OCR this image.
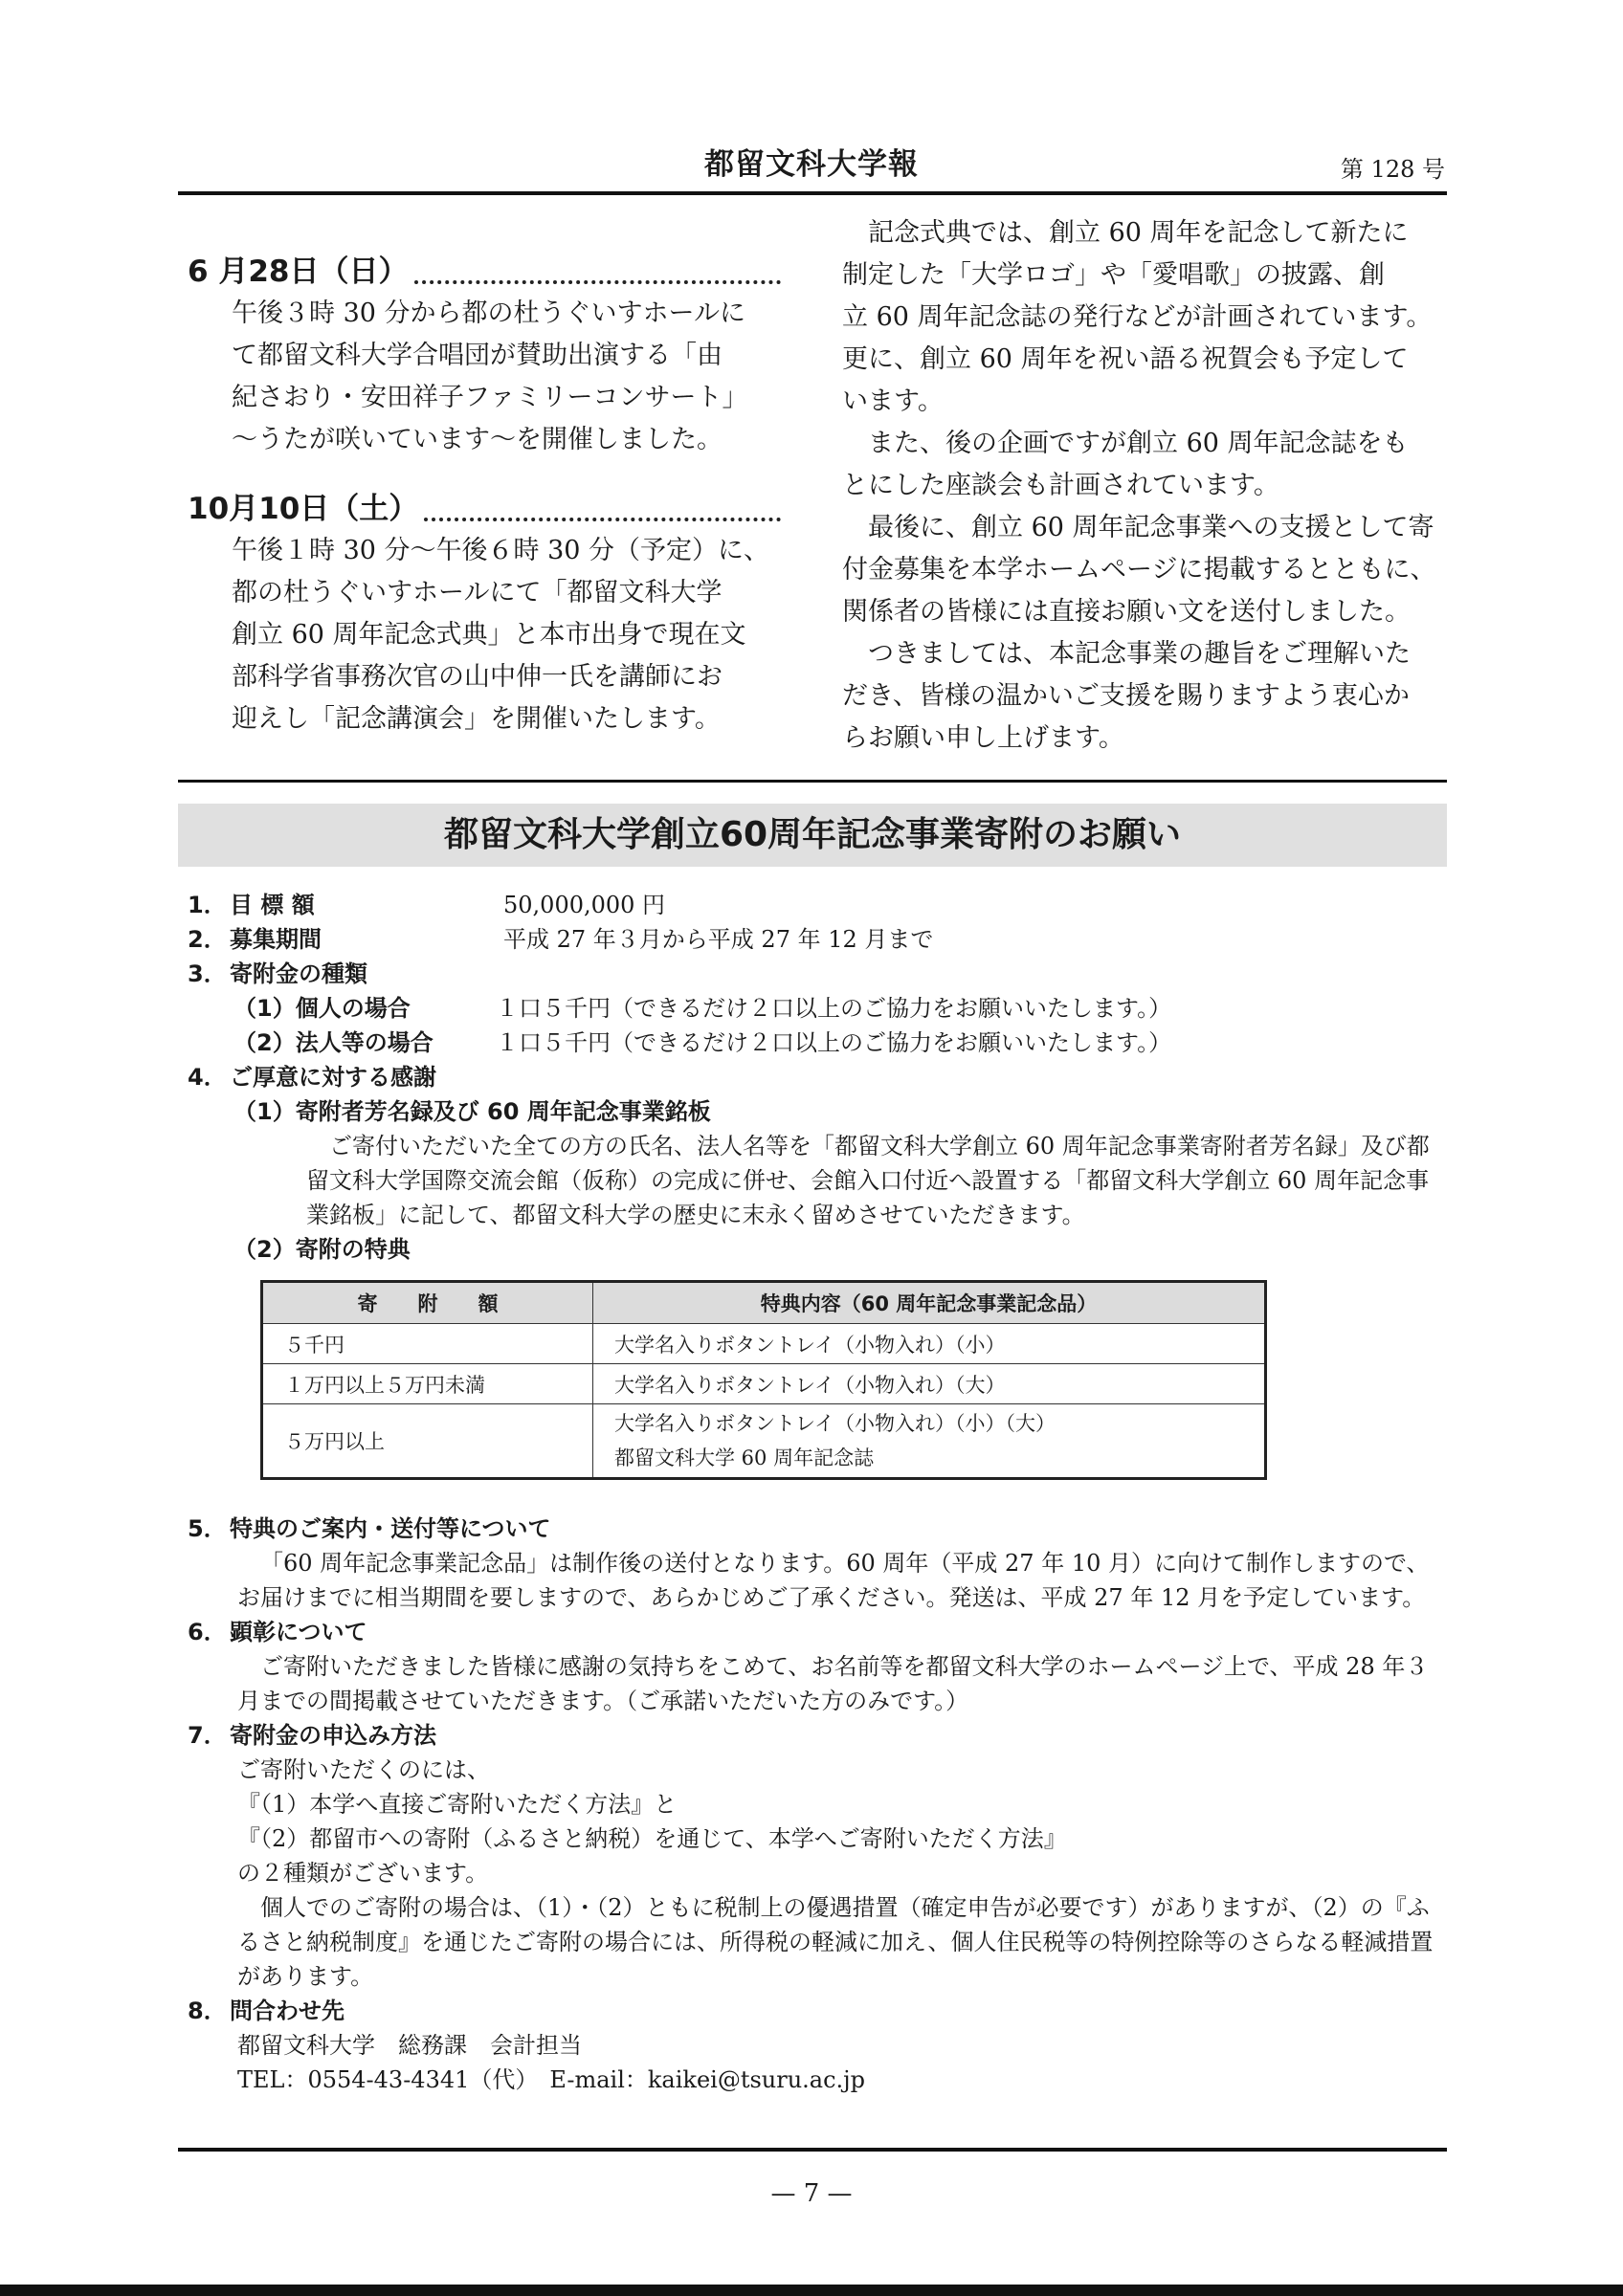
都留文科大学報	第 128 号
6 月28日（日）
午後３時 30 分から都の杜うぐいすホールに
て都留文科大学合唱団が賛助出演する「由
紀さおり・安田祥子ファミリーコンサート」
～うたが咲いています～を開催しました。
10月10日（土）
午後１時 30 分～午後６時 30 分（予定）に、
都の杜うぐいすホールにて「都留文科大学
創立 60 周年記念式典」と本市出身で現在文
部科学省事務次官の山中伸一氏を講師にお
迎えし「記念講演会」を開催いたします。
　記念式典では、創立 60 周年を記念して新たに
制定した「大学ロゴ」や「愛唱歌」の披露、創
立 60 周年記念誌の発行などが計画されています。
更に、創立 60 周年を祝い語る祝賀会も予定して
います。
　また、後の企画ですが創立 60 周年記念誌をも
とにした座談会も計画されています。
　最後に、創立 60 周年記念事業への支援として寄
付金募集を本学ホームページに掲載するとともに、
関係者の皆様には直接お願い文を送付しました。
　つきましては、本記念事業の趣旨をご理解いた
だき、皆様の温かいご支援を賜りますよう衷心か
らお願い申し上げます。
都留文科大学創立60周年記念事業寄附のお願い
1． 目 標 額	50,000,000 円
2． 募集期間	平成 27 年３月から平成 27 年 12 月まで
3． 寄附金の種類
（1）個人の場合	１口５千円（できるだけ２口以上のご協力をお願いいたします。）
（2）法人等の場合	１口５千円（できるだけ２口以上のご協力をお願いいたします。）
4． ご厚意に対する感謝
（1）寄附者芳名録及び 60 周年記念事業銘板
ご寄付いただいた全ての方の氏名、法人名等を「都留文科大学創立 60 周年記念事業寄附者芳名録」及び都留文科大学国際交流会館（仮称）の完成に併せ、会館入口付近へ設置する「都留文科大学創立 60 周年記念事業銘板」に記して、都留文科大学の歴史に末永く留めさせていただきます。
（2）寄附の特典
寄　　附　　額	特典内容（60 周年記念事業記念品）
５千円	大学名入りボタントレイ（小物入れ）（小）
１万円以上５万円未満	大学名入りボタントレイ（小物入れ）（大）
５万円以上	大学名入りボタントレイ（小物入れ）（小）（大）
都留文科大学 60 周年記念誌
5． 特典のご案内・送付等について
「60 周年記念事業記念品」は制作後の送付となります。60 周年（平成 27 年 10 月）に向けて制作しますので、お届けまでに相当期間を要しますので、あらかじめご了承ください。発送は、平成 27 年 12 月を予定しています。
6． 顕彰について
ご寄附いただきました皆様に感謝の気持ちをこめて、お名前等を都留文科大学のホームページ上で、平成 28 年３月までの間掲載させていただきます。（ご承諾いただいた方のみです。）
7． 寄附金の申込み方法
ご寄附いただくのには、
『（1）本学へ直接ご寄附いただく方法』と
『（2）都留市への寄附（ふるさと納税）を通じて、本学へご寄附いただく方法』
の２種類がございます。
個人でのご寄附の場合は、（1）・（2）ともに税制上の優遇措置（確定申告が必要です）がありますが、（2）の『ふるさと納税制度』を通じたご寄附の場合には、所得税の軽減に加え、個人住民税等の特例控除等のさらなる軽減措置があります。
8． 問合わせ先
都留文科大学　総務課　会計担当
TEL：0554-43-4341（代）　E-mail：kaikei@tsuru.ac.jp
— 7 —
